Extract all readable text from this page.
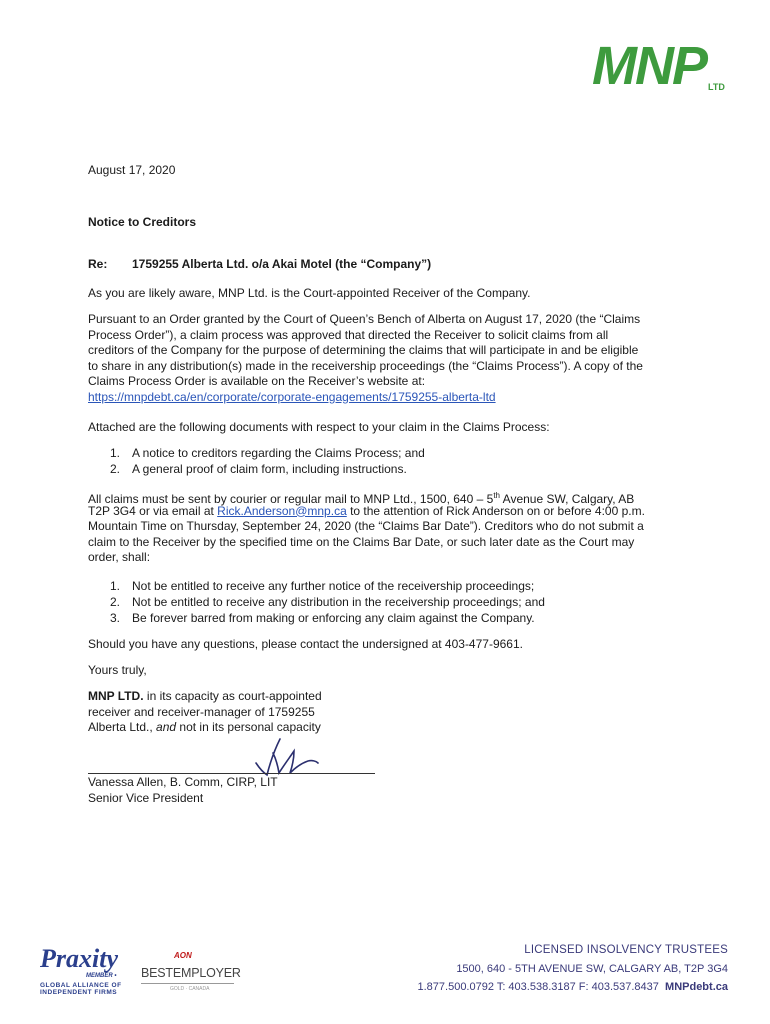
MNP LTD
August 17, 2020
Notice to Creditors
Re: 1759255 Alberta Ltd. o/a Akai Motel (the “Company”)
As you are likely aware, MNP Ltd. is the Court-appointed Receiver of the Company.
Pursuant to an Order granted by the Court of Queen’s Bench of Alberta on August 17, 2020 (the “Claims
Process Order”), a claim process was approved that directed the Receiver to solicit claims from all
creditors of the Company for the purpose of determining the claims that will participate in and be eligible
to share in any distribution(s) made in the receivership proceedings (the “Claims Process”). A copy of the
Claims Process Order is available on the Receiver’s website at:
https://mnpdebt.ca/en/corporate/corporate-engagements/1759255-alberta-ltd
Attached are the following documents with respect to your claim in the Claims Process:
1. A notice to creditors regarding the Claims Process; and
2. A general proof of claim form, including instructions.
All claims must be sent by courier or regular mail to MNP Ltd., 1500, 640 – 5th Avenue SW, Calgary, AB
T2P 3G4 or via email at Rick.Anderson@mnp.ca to the attention of Rick Anderson on or before 4:00 p.m.
Mountain Time on Thursday, September 24, 2020 (the “Claims Bar Date”). Creditors who do not submit a
claim to the Receiver by the specified time on the Claims Bar Date, or such later date as the Court may
order, shall:
1. Not be entitled to receive any further notice of the receivership proceedings;
2. Not be entitled to receive any distribution in the receivership proceedings; and
3. Be forever barred from making or enforcing any claim against the Company.
Should you have any questions, please contact the undersigned at 403-477-9661.
Yours truly,
MNP LTD. in its capacity as court-appointed
receiver and receiver-manager of 1759255
Alberta Ltd., and not in its personal capacity
Vanessa Allen, B. Comm, CIRP, LIT
Senior Vice President
Praxity
MEMBER •
GLOBAL ALLIANCE OF
INDEPENDENT FIRMS
AON
BESTEMPLOYER
GOLD · CANADA
LICENSED INSOLVENCY TRUSTEES
1500, 640 - 5TH AVENUE SW, CALGARY AB, T2P 3G4
1.877.500.0792 T: 403.538.3187 F: 403.537.8437 MNPdebt.ca
